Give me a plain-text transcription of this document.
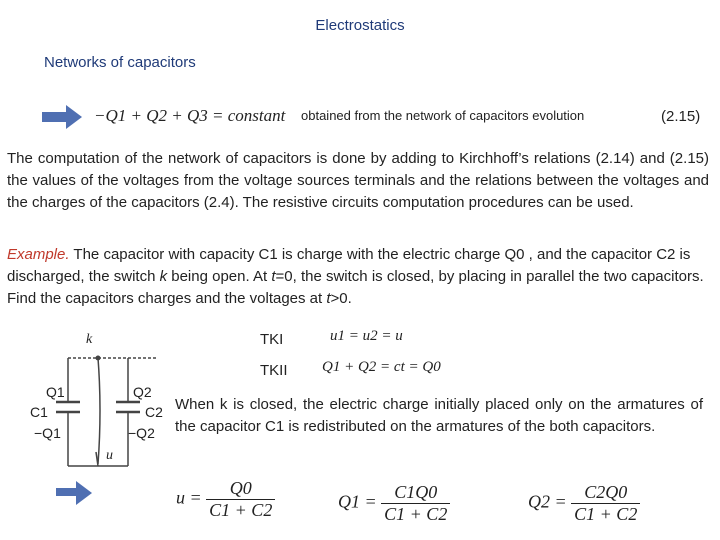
Electrostatics
Networks of capacitors
−Q1 + Q2 + Q3 = constant obtained from the network of capacitors evolution	(2.15)
The computation of the network of capacitors is done by adding to Kirchhoff’s relations (2.14) and (2.15) the values of the voltages from the voltage sources terminals and the relations between the voltages and the charges of the capacitors (2.4). The resistive circuits computation procedures can be used.
Example. The capacitor with capacity C1 is charge with the electric charge Q0 , and the capacitor C2 is discharged, the switch k being open. At t=0, the switch is closed, by placing in parallel the two capacitors. Find the capacitors charges and the voltages at t>0.
k
Q1
C1
−Q1
Q2
C2
−Q2
u
TKI	u1 = u2 = u
TKII Q1 + Q2 = ct = Q0
When k is closed, the electric charge initially placed only on the armatures of the capacitor C1 is redistributed on the armatures of the both capacitors.
$u = \frac{Q0}{C1 + C2}$	$Q1 = \frac{C1Q0}{C1 + C2}$	$Q2 = \frac{C2Q0}{C1 + C2}$
